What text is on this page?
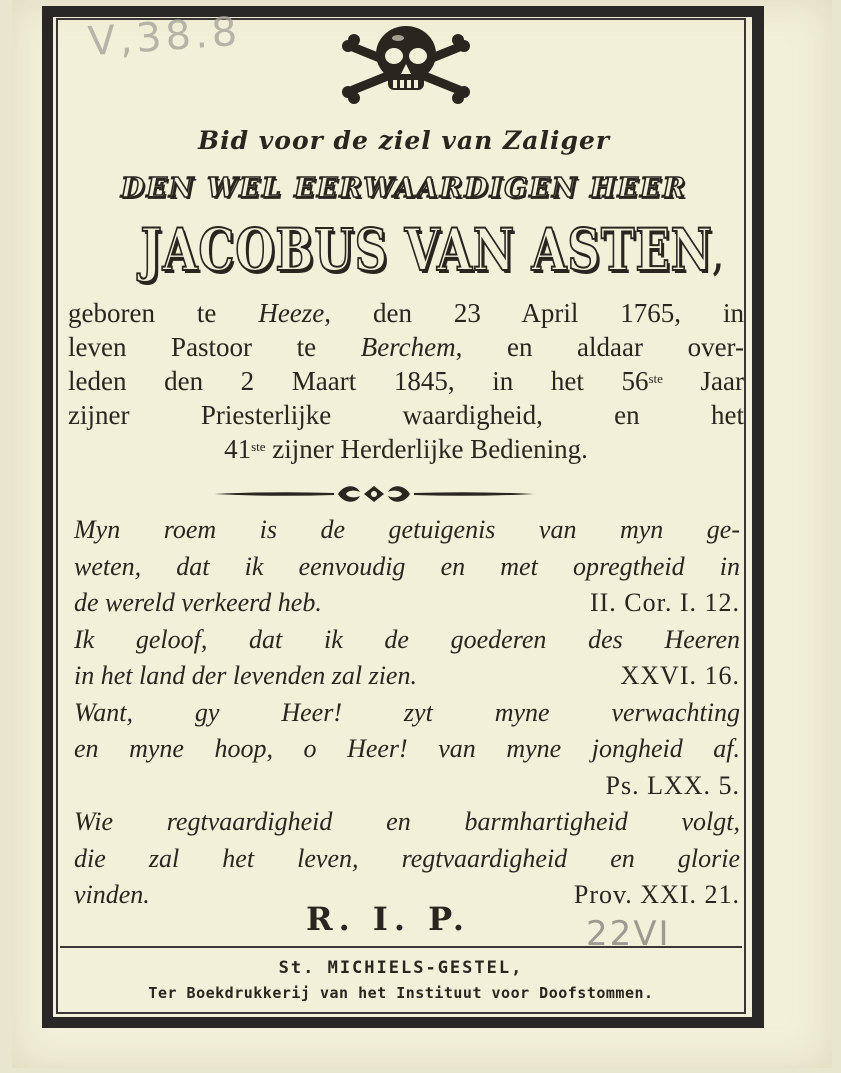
V,38.8
Bid voor de ziel van Zaliger
DEN WEL EERWAARDIGEN HEER
JACOBUS VAN ASTEN,
geboren te Heeze, den 23 April 1765, in
leven Pastoor te Berchem, en aldaar over-
leden den 2 Maart 1845, in het 56ste Jaar
zijner Priesterlijke waardigheid, en het
41ste zijner Herderlijke Bediening.
Myn roem is de getuigenis van myn ge-
weten, dat ik eenvoudig en met opregtheid in
de wereld verkeerd heb.	II. Cor. I. 12.
Ik geloof, dat ik de goederen des Heeren
in het land der levenden zal zien.	XXVI. 16.
Want, gy Heer! zyt myne verwachting
en myne hoop, o Heer! van myne jongheid af.
Ps. LXX. 5.
Wie regtvaardigheid en barmhartigheid volgt,
die zal het leven, regtvaardigheid en glorie
vinden.	Prov. XXI. 21.
R. I. P.	22VI
St. MICHIELS-GESTEL,
Ter Boekdrukkerij van het Instituut voor Doofstommen.
